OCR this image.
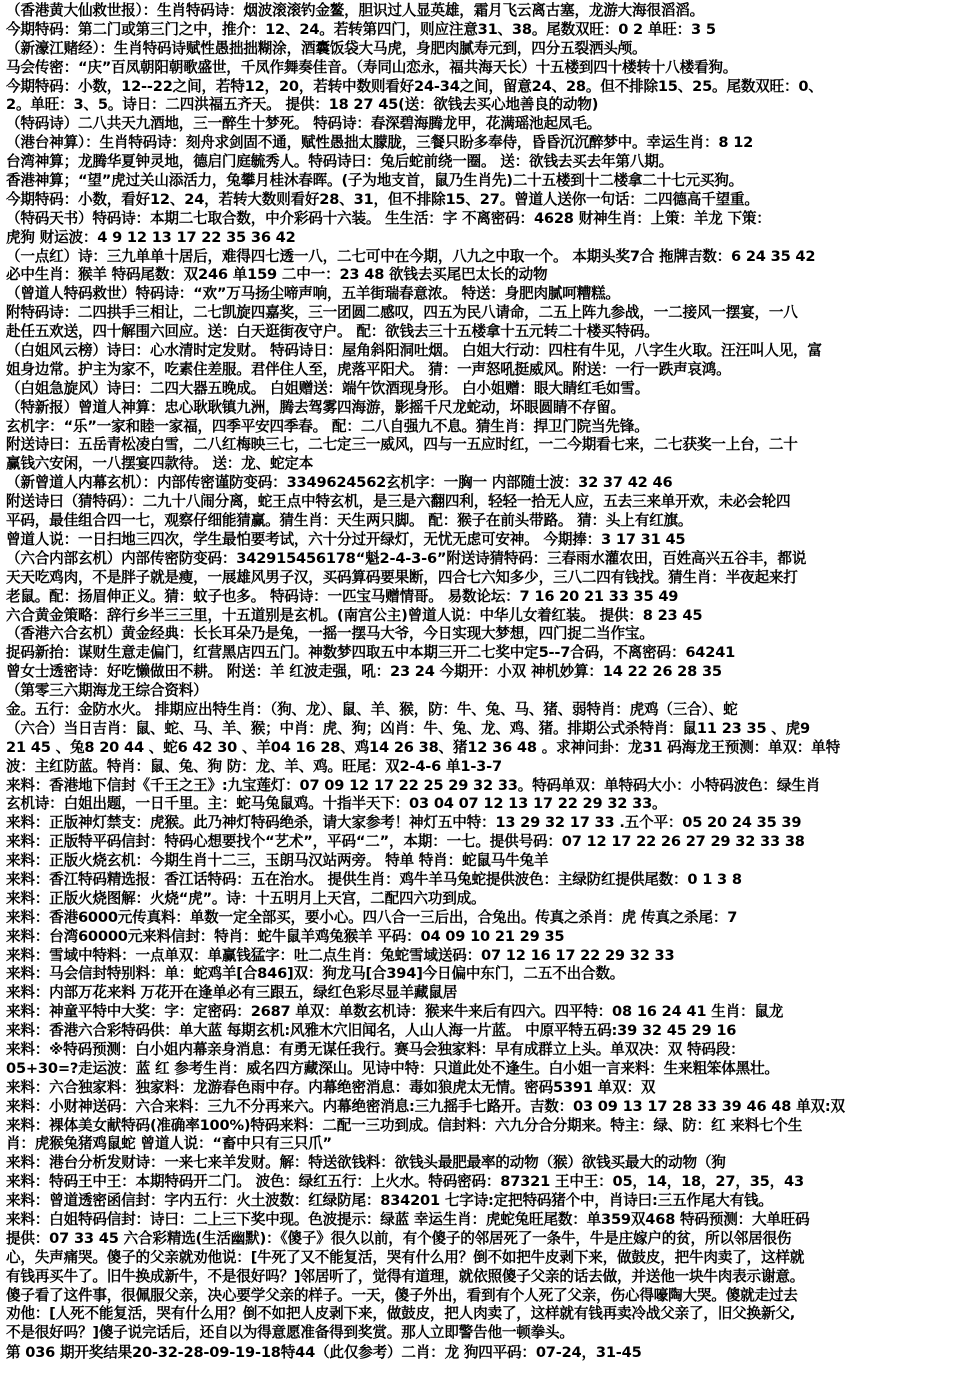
（香港黄大仙救世报）：生肖特码诗：烟波滚滚钓金鳌，胆识过人显英雄，霜月飞云离古塞，龙游大海很滔滔。
今期特码：第二门或第三门之中，推介：12、24。若转第四门，则应注意31、38。尾数双旺：0 2 单旺：3 5
（新濠江赌经）：生肖特码诗赋性愚拙拙糊涂，酒囊饭袋大马虎，身肥肉腻寿元到，四分五裂洒头颅。
马会传密：“庆”百凤朝阳朝歌盛世，千凤作舞奏佳音。（寿同山恋永，福共海天长）十五楼到四十楼转十八楼看狗。
今期特码：小数，12--22之间，若特12，20，若转中数则看好24-34之间，留意24、28。但不排除15、25。尾数双旺：0、
2。单旺：3、5。诗日：二四洪福五齐天。 提供：18 27 45(送：欲钱去买心地善良的动物)
（特码诗）二八共天九酒地，三一醉生十梦死。 特码诗：春深碧海腾龙甲，花满瑶池起凤毛。
（港台神算）：生肖特码诗：刻舟求剑固不通，赋性愚拙太朦胧，三餐只盼多奉侍，昏昏沉沉醉梦中。幸运生肖：8 12
台湾神算；龙腾华夏钟灵地，德启门庭毓秀人。特码诗曰：兔后蛇前绕一圈。 送：欲钱去买去年第八期。
香港神算；“望”虎过关山添活力，兔攀月桂沐春晖。(子为地支首，鼠乃生肖先)二十五楼到十二楼拿二十七元买狗。
今期特码：小数，看好12、24，若转大数则看好28、31，但不排除15、27。曾道人送你一句话：二四德高千望重。
（特码天书）特码诗：本期二七取合数，中介彩码十六装。 生生活：字 不离密码：4628 财神生肖：上策：羊龙 下策：
虎狗 财运波：4 9 12 13 17 22 35 36 42
（一点红）诗：三九单单十居后，难得四七透一八，二七可中在今期，八九之中取一个。 本期头奖7合 拖牌吉数：6 24 35 42
必中生肖：猴羊 特码尾数：双246 单159 二中一：23 48 欲钱去买尾巴太长的动物
（曾道人特码救世）特码诗：“欢”万马扬尘啼声响，五羊街瑞春意浓。 特送：身肥肉腻呵糟糕。
附特码诗：二四拱手三相让，二七凯旋四嘉奖，三一团圆二感叹，四五为民八请命，二五上阵九参战，一二接风一摆宴，一八
赴任五欢送，四十解围六回应。送：白天逛街夜守户。 配：欲钱去三十五楼拿十五元转二十楼买特码。
（白姐风云榜）诗曰：心水清时定发财。 特码诗日：屋角斜阳洞吐烟。 白姐大行动：四柱有牛见，八字生火取。汪汪叫人见，富
姐身边常。护主为家不，吃素住差服。君伴住人至，虎落平阳犬。 猜：一声怒吼挺威风。附送：一行一跌声哀鸿。
（白姐急旋风）诗曰：二四大器五晚成。 白姐赠送：端午饮酒现身形。 白小姐赠：眼大睛红毛如雪。
（特新报）曾道人神算：忠心耿耿镇九洲，腾去驾雾四海游，影摇千尺龙蛇动，坏眼圆睛不存留。
玄机字：“乐”一家和睦一家福，四季平安四季春。 配：二八自强九不息。猜生肖：捍卫门院当先锋。
附送诗曰：五岳青松凌白雪，二八红梅映三七，二七定三一威风，四与一五应时红，一二今期看七来，二七获奖一上台，二十
赢钱六安闲，一八摆宴四款待。 送：龙、蛇定本
（新曾道人内幕玄机）：内部传密谨防变码：3349624562玄机字：一胸一 内部随士波：32 37 42 46
附送诗曰（猜特码）：二九十八闹分离，蛇王点中特玄机，是三是六翻四利，轻轻一拾无人应，五去三来单开欢，未必会轮四
平码，最佳组合四一七，观察仔细能猜赢。猜生肖：天生两只脚。 配：猴子在前头带路。 猜：头上有红旗。
曾道人说：一日扫地三四次，学生最怕要考试，六十分过开绿灯，无忧无虑可安神。 今期捧：3 17 31 45
（六合内部玄机）内部传密防变码：342915456178“魁2-4-3-6”附送诗猜特码：三春雨水灌农田，百姓高兴五谷丰，都说
天天吃鸡肉，不是胖子就是瘦，一展雄风男子汉，买码算码要果断，四合七六知多少，三八二四有钱找。猜生肖：半夜起来打
老鼠。配：扬眉伸正义。猜：蚊子也多。 特码诗：一匹宝马赠情哥。 易数论坛：7 16 20 21 33 35 49
六合黄金策略：辞行乡半三三里，十五道别是玄机。(南宫公主)曾道人说：中华儿女着红装。 提供：8 23 45
（香港六合玄机）黄金经典：长长耳朵乃是兔，一摇一摆马大爷，今日实现大梦想，四门捉二当作宝。
捉码新抬：谋财生意走偏门，红营黑店四五门。神数梦四取五中本期三开二七奖中定5--7合码，不离密码：64241
曾女士透密诗：好吃懒做田不耕。 附送：羊 红波走强，吼：23 24 今期开：小双 神机妙算：14 22 26 28 35
（第零三六期海龙王综合资料）
金。五行：金防水火。 排期应出特生肖：（狗、龙）、鼠、羊、猴，防：牛、兔、马、猪、弱特肖：虎鸡（三合）、蛇
（六合）当日吉肖：鼠、蛇、马、羊、猴；中肖：虎、狗；凶肖：牛、兔、龙、鸡、猪。排期公式杀特肖：鼠11 23 35 、虎9
21 45 、兔8 20 44 、蛇6 42 30 、羊04 16 28、鸡14 26 38、猪12 36 48 。求神问卦：龙31 码海龙王预测：单双：单特
波：主红防蓝。特肖：鼠、兔、狗 防：龙、羊、鸡。旺尾：双2-4-6 单1-3-7
来料：香港地下信封《千王之王》:九宝莲灯：07 09 12 17 22 25 29 32 33。特码单双：单特码大小：小特码波色：绿生肖
玄机诗：白姐出题，一日千里。主：蛇马兔鼠鸡。十指半天下：03 04 07 12 13 17 22 29 32 33。
来料：正版神灯禁支：虎猴。此乃神灯特码绝杀，请大家参考！神灯五中特：13 29 32 17 33 .五个平：05 20 24 35 39
来料：正版特平码信封：特码心想要找个“艺术”，平码“二”，本期：一七。提供号码：07 12 17 22 26 27 29 32 33 38
来料：正版火烧玄机：今期生肖十二三，玉朗马汉站两旁。 特单 特肖：蛇鼠马牛兔羊
来料：香江特码精选报：香江话特码：五在治水。 提供生肖：鸡牛羊马兔蛇提供波色：主绿防红提供尾数：0 1 3 8
来料：正版火烧图解：火烧“虎”。诗：十五明月上天宫，二配四六功到成。
来料：香港6000元传真料：单数一定全部买，要小心。四八合一三后出，合兔出。传真之杀肖：虎 传真之杀尾：7
来料：台湾60000元来料信封：特肖：蛇牛鼠羊鸡兔猴羊 平码：04 09 10 21 29 35
来料：雪域中特料：一点单双：单赢钱猛字：吐二点生肖：兔蛇雪域送码：07 12 16 17 22 29 32 33
来料：马会信封特别料：单：蛇鸡羊[合846]双：狗龙马[合394]今日偏中东门，二五不出合数。
来料：内部万花来料 万花开在逢单必有三跟五，绿红色彩尽显羊藏鼠居
来料：神童平特中大奖：字：定密码：2687 单双：单数玄机诗：猴来牛来后有四六。四平特：08 16 24 41 生肖：鼠龙
来料：香港六合彩特码供：单大蓝 每期玄机:风雅木穴旧闻名，人山人海一片蓝。 中原平特五码:39 32 45 29 16
来料：※特码预测：白小姐内幕亲身消息：有勇无谋任我行。赛马会独家料：早有成群立上头。单双决：双 特码段：
05+30=?走运波：蓝 红 参考生肖：威名四方藏深山。见诗中特：只道此处不逢生。白小姐一言来料：生来粗笨体黑壮。
来料：六合独家料：独家料：龙游春色雨中存。内幕绝密消息：毒如狼虎太无情。密码5391 单双：双
来料：小财神送码：六合来料：三九不分再来六。内幕绝密消息:三九摇手七路开。吉数：03 09 13 17 28 33 39 46 48 单双:双
来料：裸体美女献特码(准确率100%)特码来料：二配一三功到成。信封料：六九分合分期来。特主：绿、防：红 来料七个生
肖：虎猴兔猪鸡鼠蛇 曾道人说：“畜中只有三只爪”
来料：港台分析发财诗：一来七来羊发财。解：特送欲钱料：欲钱头最肥最率的动物（猴）欲钱买最大的动物（狗
来料：特码王中王：本期特码开二门。 波色：绿红五行：上火水。特码密码：87321 王中王：05，14，18，27，35，43
来料：曾道透密函信封：字内五行：火土波数：红绿防尾：834201 七字诗:定把特码猪个中，肖诗曰:三五作尾大有钱。
来料：白姐特码信封：诗曰：二上三下奖中现。色波提示：绿蓝 幸运生肖：虎蛇兔旺尾数：单359双468 特码预测：大单旺码
提供：07 33 45 六合彩精选(生活幽默)：《傻子》很久以前，有个傻子的邻居死了一条牛，牛是庄嫁户的贫，所以邻居很伤
心，失声痛哭。傻子的父亲就劝他说：[牛死了又不能复活，哭有什么用？倒不如把牛皮剥下来，做鼓皮，把牛肉卖了，这样就
有钱再买牛了。旧牛换成新牛，不是很好吗？]邻居听了，觉得有道理，就依照傻子父亲的话去做，并送他一块牛肉表示谢意。
傻子看了这件事，很佩服父亲，决心要学父亲的样子。一天，傻子外出，看到有个人死了父亲，伤心得嚎陶大哭。傻就走过去
劝他：[人死不能复活，哭有什么用？倒不如把人皮剥下来，做鼓皮，把人肉卖了，这样就有钱再卖冷战父亲了，旧父换新父,
不是很好吗？]傻子说完话后，还自以为得意愿准备得到奖赏。那人立即警告他一顿拳头。
第 036 期开奖结果20-32-28-09-19-18特44（此仅参考）二肖：龙 狗四平码：07-24，31-45
